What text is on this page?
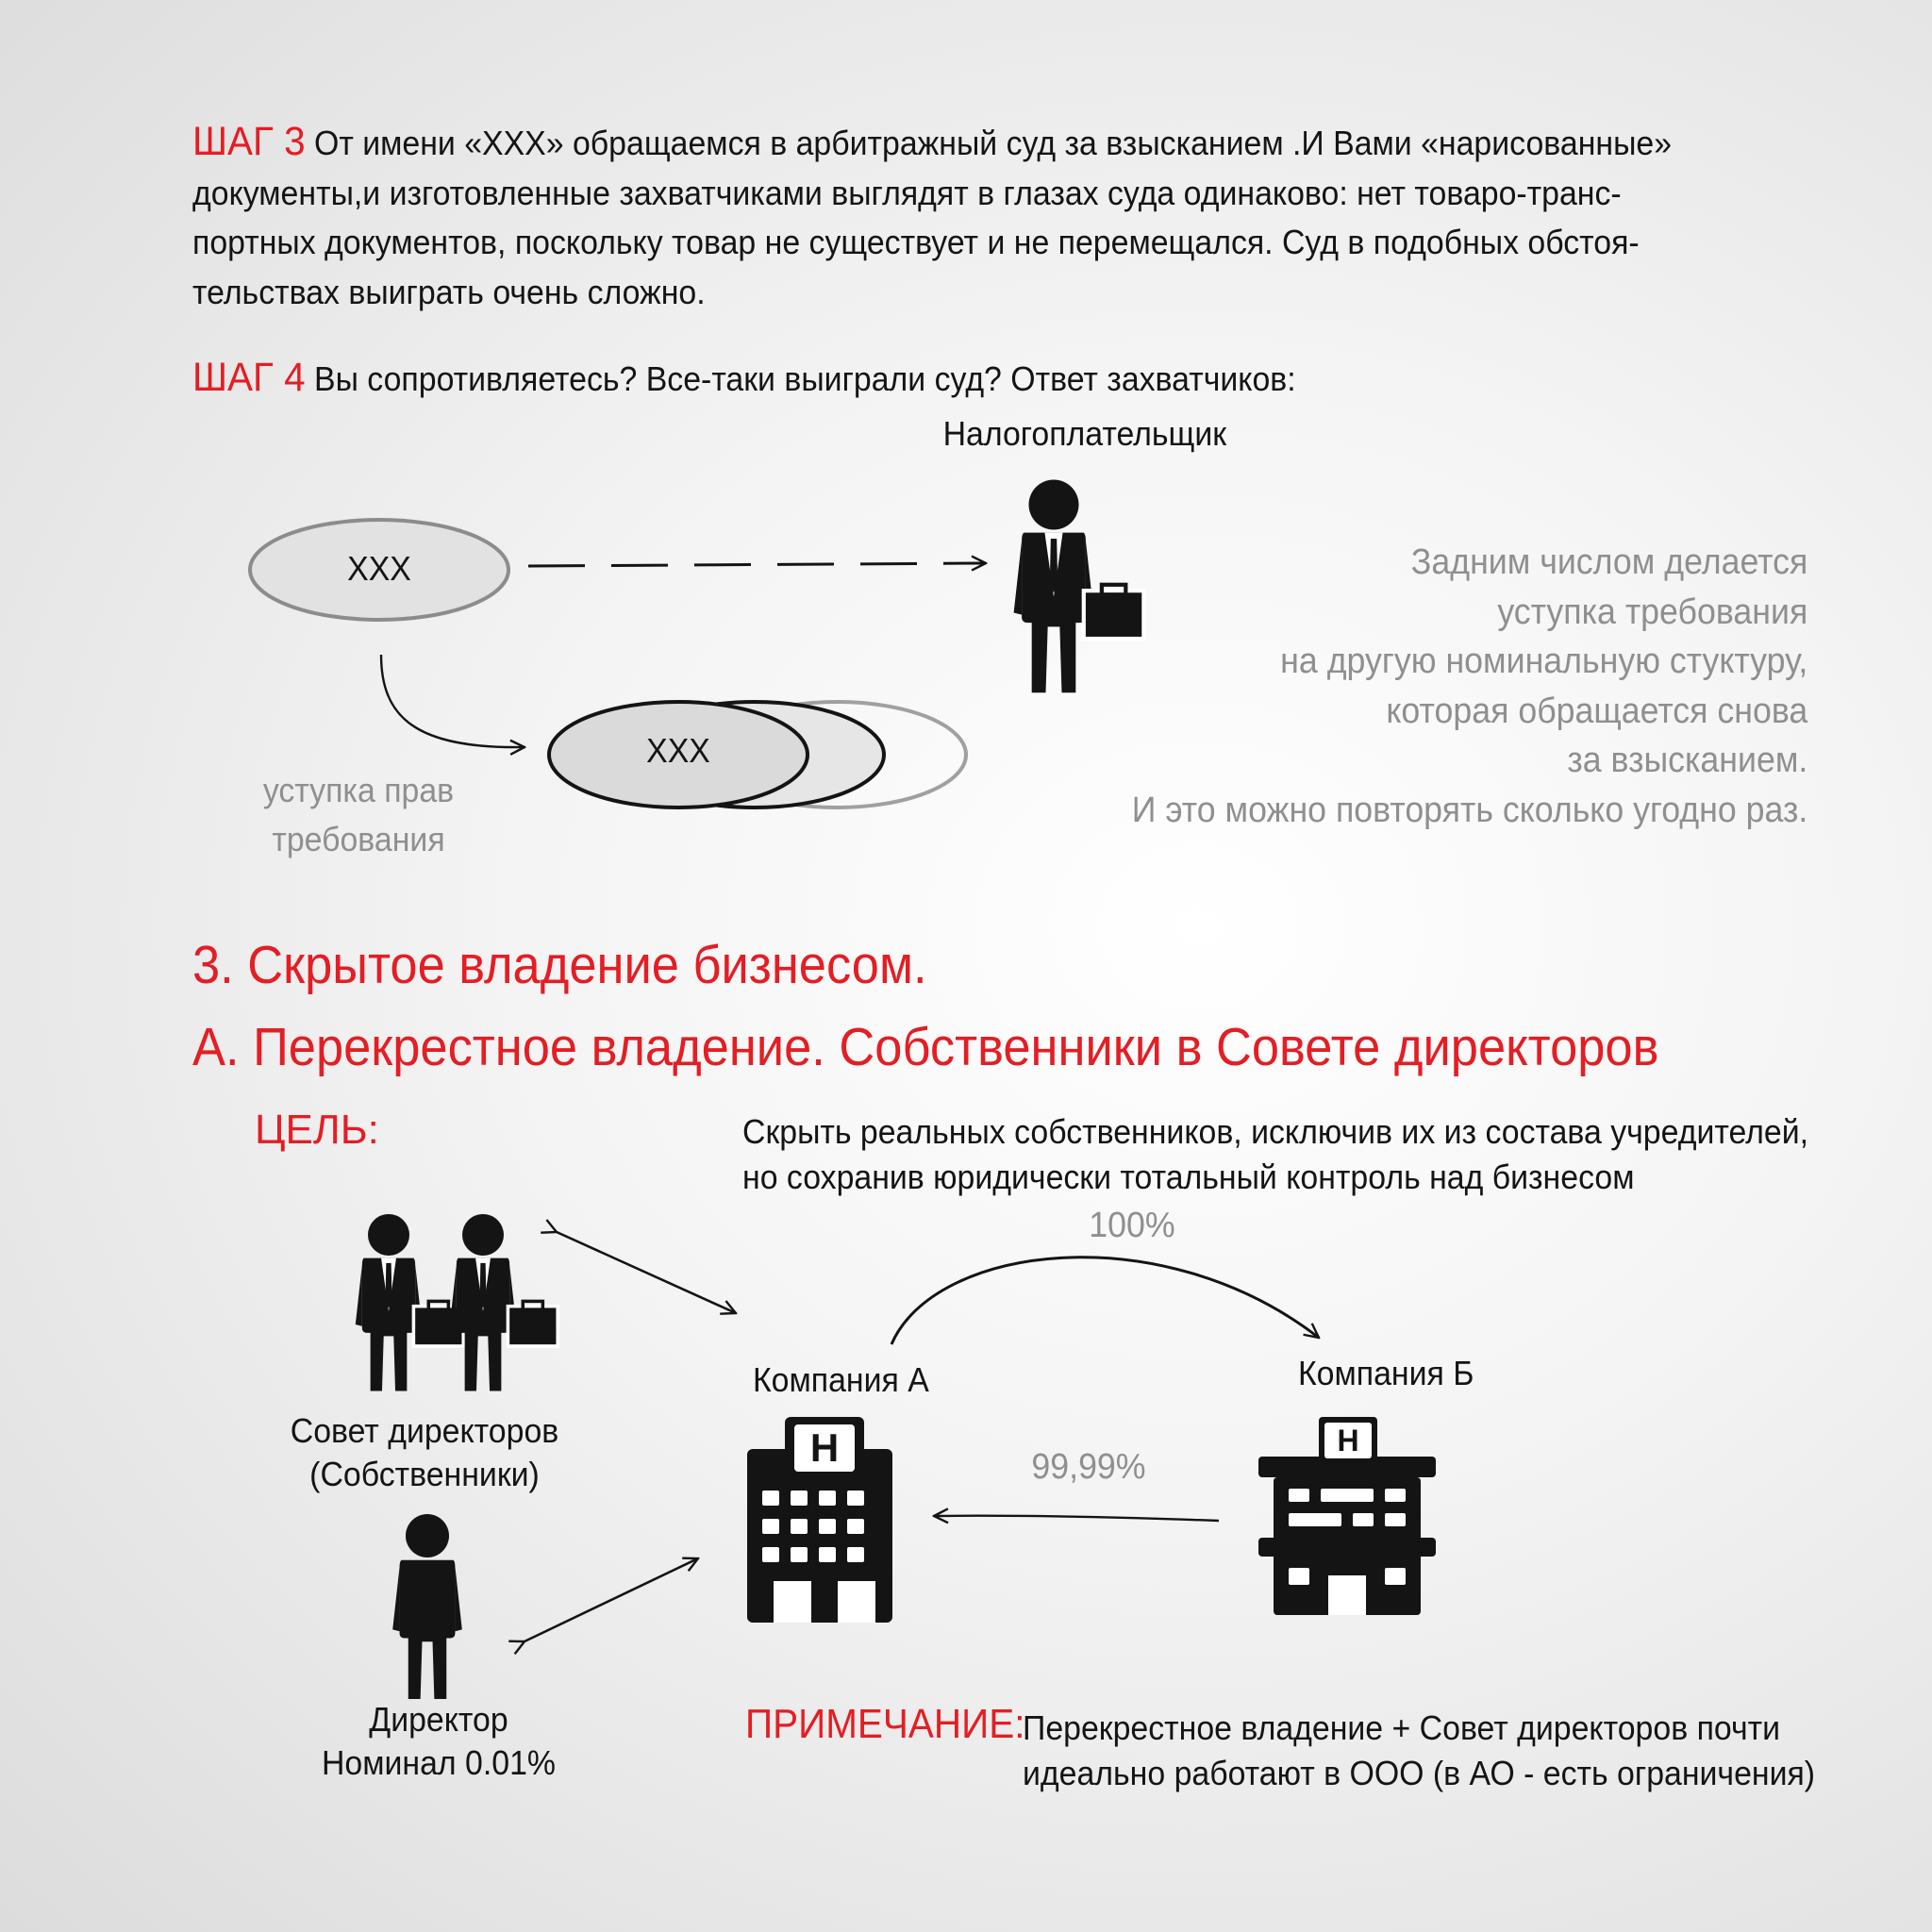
ШАГ 3 От имени «ХХХ» обращаемся в арбитражный суд за взысканием .И Вами «нарисованные» документы,и изготовленные захватчиками выглядят в глазах суда одинаково: нет товаро-транс-портных документов, поскольку товар не существует и не перемещался. Суд в подобных обстоя-тельствах выиграть очень сложно.
ШАГ 4 Вы сопротивляетесь? Все-таки выиграли суд? Ответ захватчиков:
H	H
Налогоплательщик
ХХХ
ХХХ
уступка прав
требования
Задним числом делается
уступка требования
на другую номинальную стуктуру,
которая обращается снова
за взысканием.
И это можно повторять сколько угодно раз.
3. Скрытое владение бизнесом.
А. Перекрестное владение. Собственники в Совете директоров
ЦЕЛЬ:	Скрыть реальных собственников, исключив их из состава учредителей,
но сохранив юридически тотальный контроль над бизнесом
100%
99,99%
Компания А	Компания Б
Совет директоров
(Собственники)
Директор
Номинал 0.01%
ПРИМЕЧАНИЕ:
Перекрестное владение + Совет директоров почти
идеально работают в ООО (в АО - есть ограничения)
